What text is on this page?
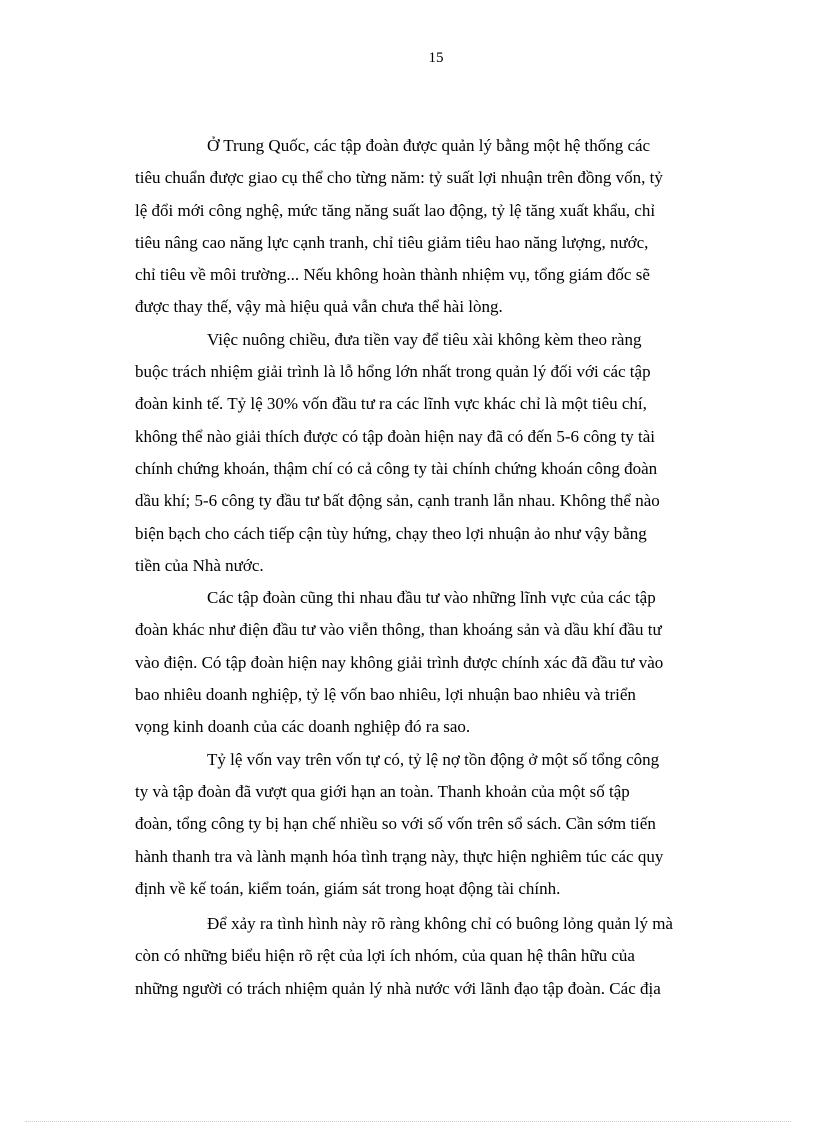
15
Ở Trung Quốc, các tập đoàn được quản lý bằng một hệ thống các
tiêu chuẩn được giao cụ thể cho từng năm: tỷ suất lợi nhuận trên đồng vốn, tỷ
lệ đổi mới công nghệ, mức tăng năng suất lao động, tỷ lệ tăng xuất khẩu, chỉ
tiêu nâng cao năng lực cạnh tranh, chỉ tiêu giảm tiêu hao năng lượng, nước,
chỉ tiêu về môi trường... Nếu không hoàn thành nhiệm vụ, tổng giám đốc sẽ
được thay thế, vậy mà hiệu quả vẫn chưa thể hài lòng.
Việc nuông chiều, đưa tiền vay để tiêu xài không kèm theo ràng
buộc trách nhiệm giải trình là lỗ hổng lớn nhất trong quản lý đối với các tập
đoàn kinh tế. Tỷ lệ 30% vốn đầu tư ra các lĩnh vực khác chỉ là một tiêu chí,
không thể nào giải thích được có tập đoàn hiện nay đã có đến 5-6 công ty tài
chính chứng khoán, thậm chí có cả công ty tài chính chứng khoán công đoàn
dầu khí; 5-6 công ty đầu tư bất động sản, cạnh tranh lẫn nhau. Không thể nào
biện bạch cho cách tiếp cận tùy hứng, chạy theo lợi nhuận ảo như vậy bằng
tiền của Nhà nước.
Các tập đoàn cũng thi nhau đầu tư vào những lĩnh vực của các tập
đoàn khác như điện đầu tư vào viễn thông, than khoáng sản và dầu khí đầu tư
vào điện. Có tập đoàn hiện nay không giải trình được chính xác đã đầu tư vào
bao nhiêu doanh nghiệp, tỷ lệ vốn bao nhiêu, lợi nhuận bao nhiêu và triển
vọng kinh doanh của các doanh nghiệp đó ra sao.
Tỷ lệ vốn vay trên vốn tự có, tỷ lệ nợ tồn động ở một số tổng công
ty và tập đoàn đã vượt qua giới hạn an toàn. Thanh khoản của một số tập
đoàn, tổng công ty bị hạn chế nhiều so với số vốn trên sổ sách. Cần sớm tiến
hành thanh tra và lành mạnh hóa tình trạng này, thực hiện nghiêm túc các quy
định về kế toán, kiểm toán, giám sát trong hoạt động tài chính.
Để xảy ra tình hình này rõ ràng không chỉ có buông lỏng quản lý mà
còn có những biểu hiện rõ rệt của lợi ích nhóm, của quan hệ thân hữu của
những người có trách nhiệm quản lý nhà nước với lãnh đạo tập đoàn. Các địa
